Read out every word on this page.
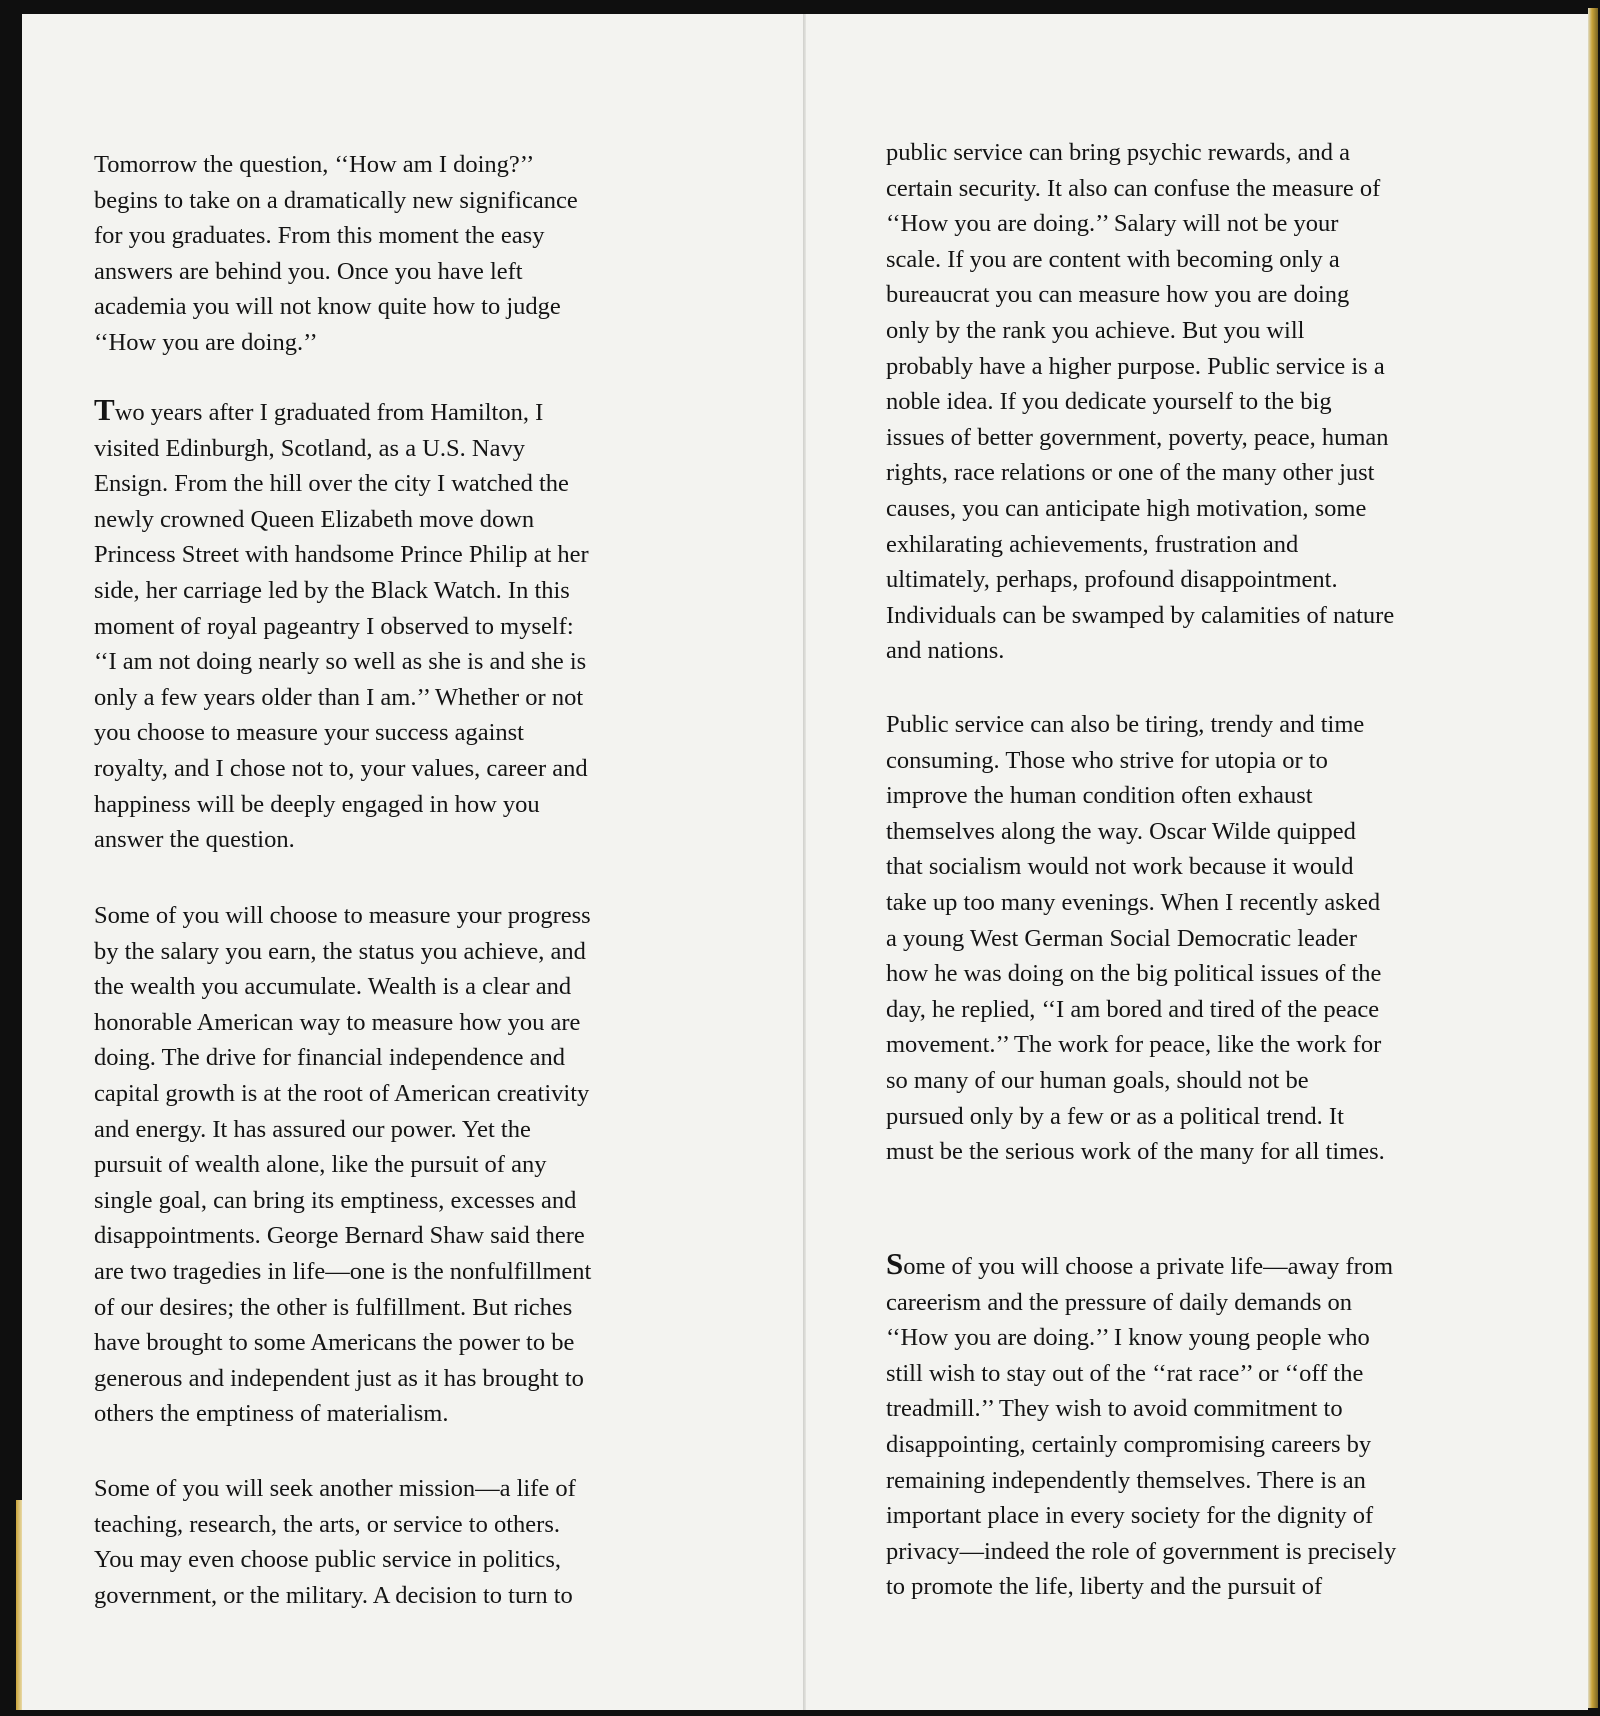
Tomorrow the question, ‘‘How am I doing?’’
begins to take on a dramatically new significance
for you graduates. From this moment the easy
answers are behind you. Once you have left
academia you will not know quite how to judge
‘‘How you are doing.’’

Two years after I graduated from Hamilton, I
visited Edinburgh, Scotland, as a U.S. Navy
Ensign. From the hill over the city I watched the
newly crowned Queen Elizabeth move down
Princess Street with handsome Prince Philip at her
side, her carriage led by the Black Watch. In this
moment of royal pageantry I observed to myself:
‘‘I am not doing nearly so well as she is and she is
only a few years older than I am.’’ Whether or not
you choose to measure your success against
royalty, and I chose not to, your values, career and
happiness will be deeply engaged in how you
answer the question.

Some of you will choose to measure your progress
by the salary you earn, the status you achieve, and
the wealth you accumulate. Wealth is a clear and
honorable American way to measure how you are
doing. The drive for financial independence and
capital growth is at the root of American creativity
and energy. It has assured our power. Yet the
pursuit of wealth alone, like the pursuit of any
single goal, can bring its emptiness, excesses and
disappointments. George Bernard Shaw said there
are two tragedies in life—one is the nonfulfillment
of our desires; the other is fulfillment. But riches
have brought to some Americans the power to be
generous and independent just as it has brought to
others the emptiness of materialism.

Some of you will seek another mission—a life of
teaching, research, the arts, or service to others.
You may even choose public service in politics,
government, or the military. A decision to turn to

public service can bring psychic rewards, and a
certain security. It also can confuse the measure of
‘‘How you are doing.’’ Salary will not be your
scale. If you are content with becoming only a
bureaucrat you can measure how you are doing
only by the rank you achieve. But you will
probably have a higher purpose. Public service is a
noble idea. If you dedicate yourself to the big
issues of better government, poverty, peace, human
rights, race relations or one of the many other just
causes, you can anticipate high motivation, some
exhilarating achievements, frustration and
ultimately, perhaps, profound disappointment.
Individuals can be swamped by calamities of nature
and nations.

Public service can also be tiring, trendy and time
consuming. Those who strive for utopia or to
improve the human condition often exhaust
themselves along the way. Oscar Wilde quipped
that socialism would not work because it would
take up too many evenings. When I recently asked
a young West German Social Democratic leader
how he was doing on the big political issues of the
day, he replied, ‘‘I am bored and tired of the peace
movement.’’ The work for peace, like the work for
so many of our human goals, should not be
pursued only by a few or as a political trend. It
must be the serious work of the many for all times.

Some of you will choose a private life—away from
careerism and the pressure of daily demands on
‘‘How you are doing.’’ I know young people who
still wish to stay out of the ‘‘rat race’’ or ‘‘off the
treadmill.’’ They wish to avoid commitment to
disappointing, certainly compromising careers by
remaining independently themselves. There is an
important place in every society for the dignity of
privacy—indeed the role of government is precisely
to promote the life, liberty and the pursuit of
